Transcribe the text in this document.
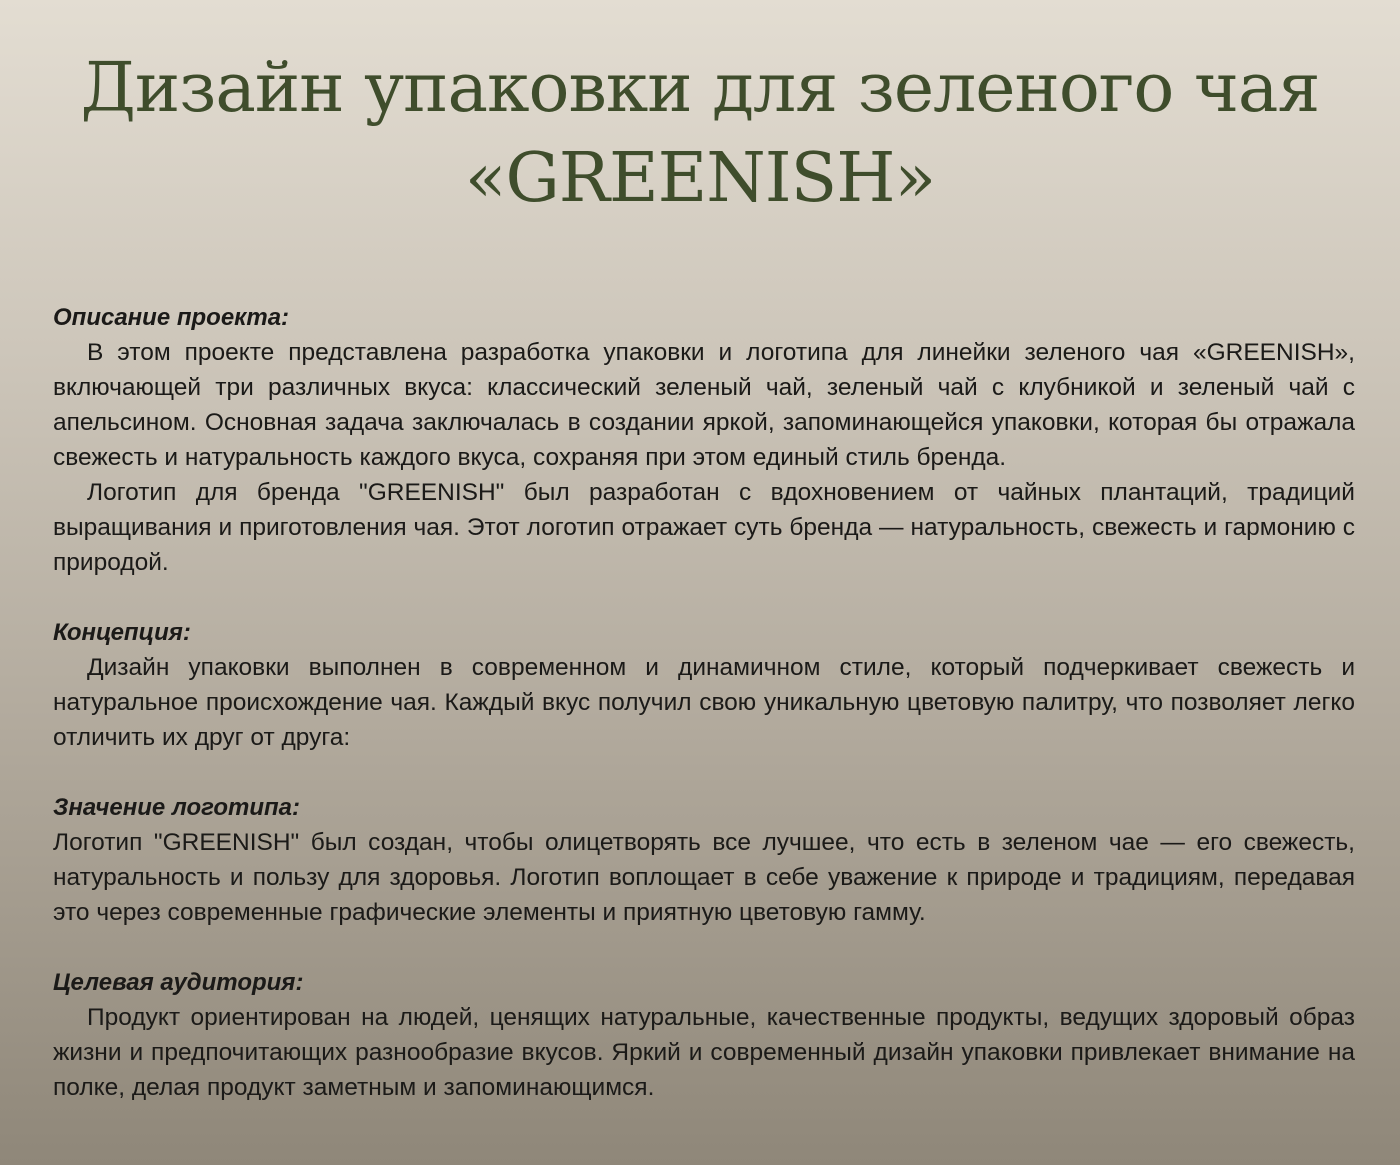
Дизайн упаковки для зеленого чая
«GREENISH»

Описание проекта:

В этом проекте представлена разработка упаковки и логотипа для линейки зеленого чая «GREENISH», включающей три различных вкуса: классический зеленый чай, зеленый чай с клубникой и зеленый чай с апельсином. Основная задача заключалась в создании яркой, запоминающейся упаковки, которая бы отражала свежесть и натуральность каждого вкуса, сохраняя при этом единый стиль бренда.

Логотип для бренда "GREENISH" был разработан с вдохновением от чайных плантаций, традиций выращивания и приготовления чая. Этот логотип отражает суть бренда — натуральность, свежесть и гармонию с природой.

Концепция:

Дизайн упаковки выполнен в современном и динамичном стиле, который подчеркивает свежесть и натуральное происхождение чая. Каждый вкус получил свою уникальную цветовую палитру, что позволяет легко отличить их друг от друга:

Значение логотипа:

Логотип "GREENISH" был создан, чтобы олицетворять все лучшее, что есть в зеленом чае — его свежесть, натуральность и пользу для здоровья. Логотип воплощает в себе уважение к природе и традициям, передавая это через современные графические элементы и приятную цветовую гамму.

Целевая аудитория:

Продукт ориентирован на людей, ценящих натуральные, качественные продукты, ведущих здоровый образ жизни и предпочитающих разнообразие вкусов. Яркий и современный дизайн упаковки привлекает внимание на полке, делая продукт заметным и запоминающимся.
